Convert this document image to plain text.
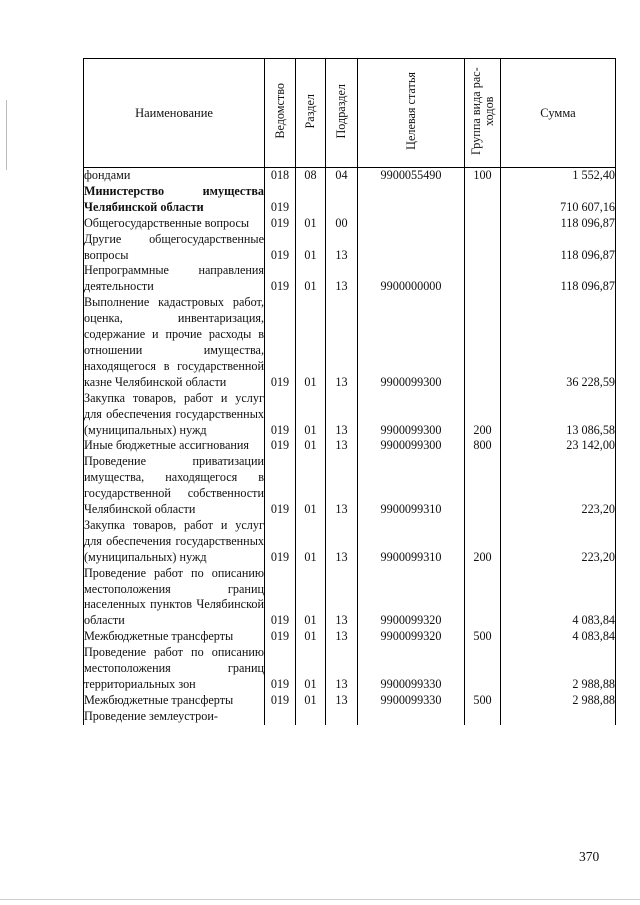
Наименование	Ведомство	Раздел	Подраздел	Целевая статья	Группа вида рас-ходов	Сумма
фондами	018	08	04	9900055490	100	1 552,40
Министерство имущества Челябинской области	019					710 607,16
Общегосударственные вопросы	019	01	00			118 096,87
Другие общегосударственные вопросы	019	01	13			118 096,87
Непрограммные направления деятельности	019	01	13	9900000000		118 096,87
Выполнение кадастровых работ, оценка, инвентаризация, содержание и прочие расходы в отношении имущества, находящегося в государственной казне Челябинской области	019	01	13	9900099300		36 228,59
Закупка товаров, работ и услуг для обеспечения государственных (муниципальных) нужд	019	01	13	9900099300	200	13 086,58
Иные бюджетные ассигнования	019	01	13	9900099300	800	23 142,00
Проведение приватизации имущества, находящегося в государственной собственности Челябинской области	019	01	13	9900099310		223,20
Закупка товаров, работ и услуг для обеспечения государственных (муниципальных) нужд	019	01	13	9900099310	200	223,20
Проведение работ по описанию местоположения границ населенных пунктов Челябинской области	019	01	13	9900099320		4 083,84
Межбюджетные трансферты	019	01	13	9900099320	500	4 083,84
Проведение работ по описанию местоположения границ территориальных зон	019	01	13	9900099330		2 988,88
Межбюджетные трансферты	019	01	13	9900099330	500	2 988,88
Проведение землеустрои-						
370
